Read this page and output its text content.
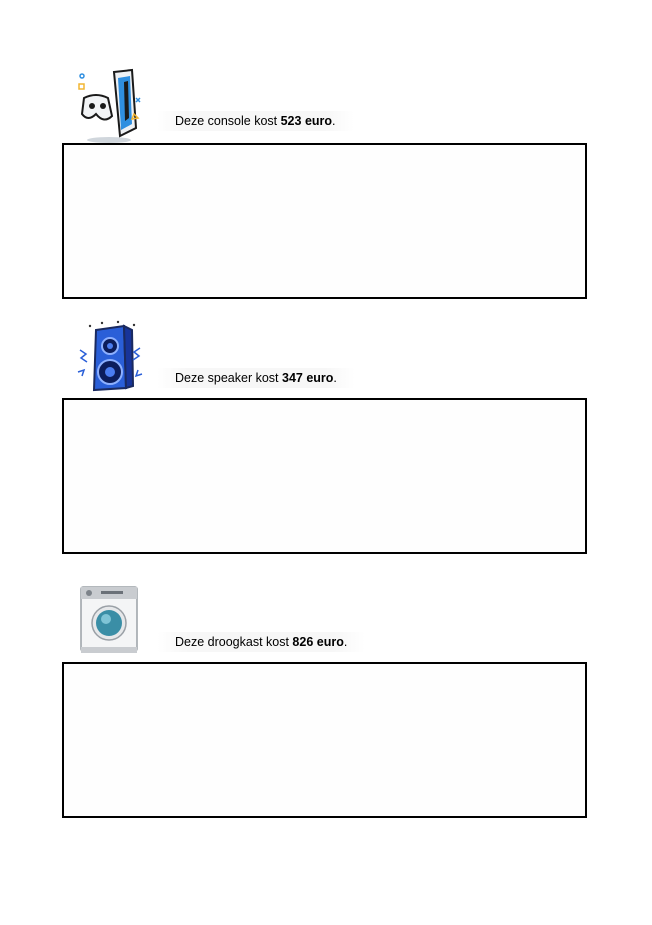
Deze console kost 523 euro.
Deze speaker kost 347 euro.
Deze droogkast kost 826 euro.
